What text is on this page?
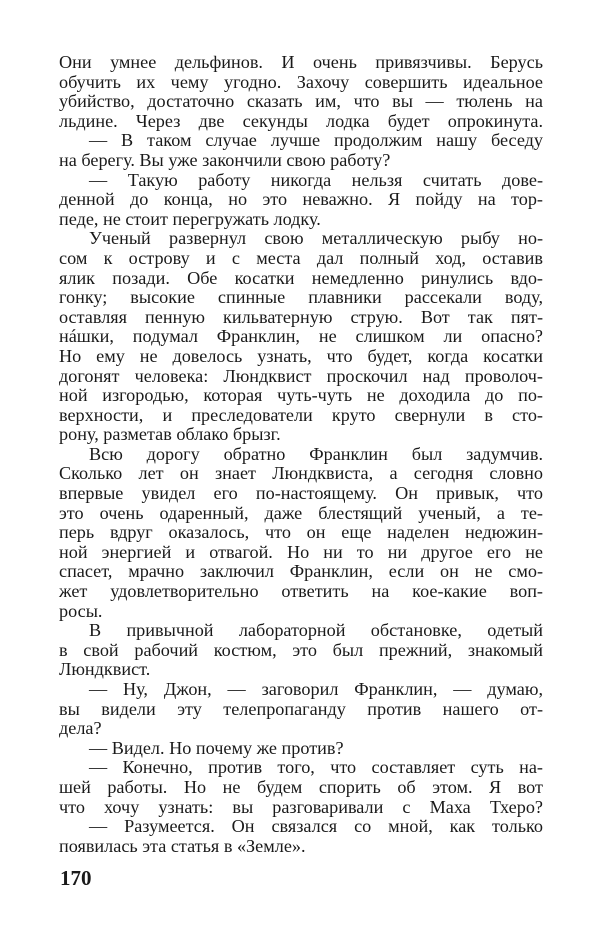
Они умнее дельфинов. И очень привязчивы. Берусь
обучить их чему угодно. Захочу совершить идеальное
убийство, достаточно сказать им, что вы — тюлень на
льдине. Через две секунды лодка будет опрокинута.
— В таком случае лучше продолжим нашу беседу
на берегу. Вы уже закончили свою работу?
— Такую работу никогда нельзя считать дове-
денной до конца, но это неважно. Я пойду на тор-
педе, не стоит перегружать лодку.
Ученый развернул свою металлическую рыбу но-
сом к острову и с места дал полный ход, оставив
ялик позади. Обе косатки немедленно ринулись вдо-
гонку; высокие спинные плавники рассекали воду,
оставляя пенную кильватерную струю. Вот так пят-
нáшки, подумал Франклин, не слишком ли опасно?
Но ему не довелось узнать, что будет, когда косатки
догонят человека: Люндквист проскочил над проволоч-
ной изгородью, которая чуть-чуть не доходила до по-
верхности, и преследователи круто свернули в сто-
рону, разметав облако брызг.
Всю дорогу обратно Франклин был задумчив.
Сколько лет он знает Люндквиста, а сегодня словно
впервые увидел его по-настоящему. Он привык, что
это очень одаренный, даже блестящий ученый, а те-
перь вдруг оказалось, что он еще наделен недюжин-
ной энергией и отвагой. Но ни то ни другое его не
спасет, мрачно заключил Франклин, если он не смо-
жет удовлетворительно ответить на кое-какие воп-
росы.
В привычной лабораторной обстановке, одетый
в свой рабочий костюм, это был прежний, знакомый
Люндквист.
— Ну, Джон, — заговорил Франклин, — думаю,
вы видели эту телепропаганду против нашего от-
дела?
— Видел. Но почему же против?
— Конечно, против того, что составляет суть на-
шей работы. Но не будем спорить об этом. Я вот
что хочу узнать: вы разговаривали с Маха Тхеро?
— Разумеется. Он связался со мной, как только
появилась эта статья в «Земле».
170
